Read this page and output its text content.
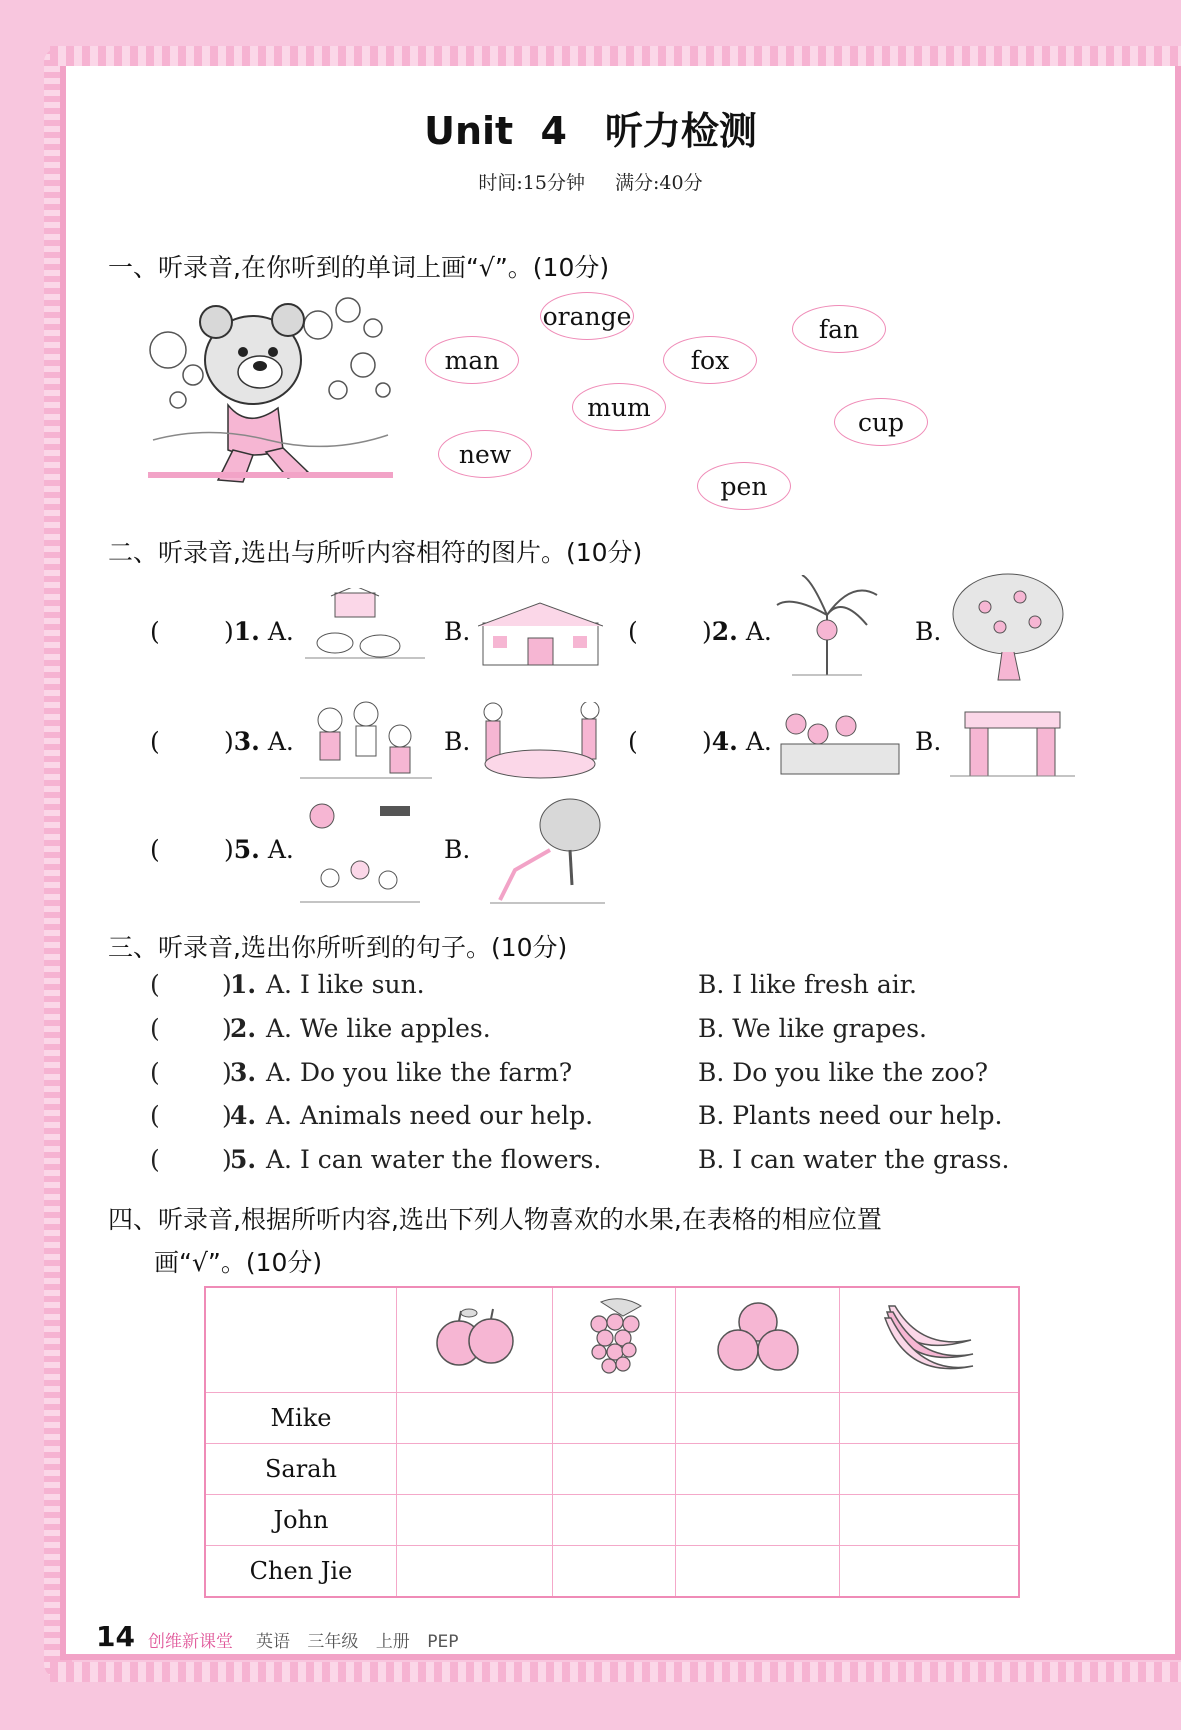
Unit 4　听力检测
时间:15分钟 满分:40分
一、听录音,在你听到的单词上画“√”。(10分)
orange	fan
man	fox
mum
cup
new
pen
二、听录音,选出与所听内容相符的图片。(10分)
(	)1. A.	B.	(	)2. A.	B.
(	)3. A.	B.	(	)4. A.	B.
(	)5. A.	B.
三、听录音,选出你所听到的句子。(10分)
( )
1. A. I like sun.	B. I like fresh air.
( )
2. A. We like apples.	B. We like grapes.
( )
3. A. Do you like the farm?	B. Do you like the zoo?
( )
4. A. Animals need our help.	B. Plants need our help.
( )
5. A. I can water the flowers.	B. I can water the grass.
四、听录音,根据所听内容,选出下列人物喜欢的水果,在表格的相应位置
画“√”。(10分)

Mike				
Sarah				
John				
Chen Jie				
14 创维新课堂 英语 三年级 上册 PEP
